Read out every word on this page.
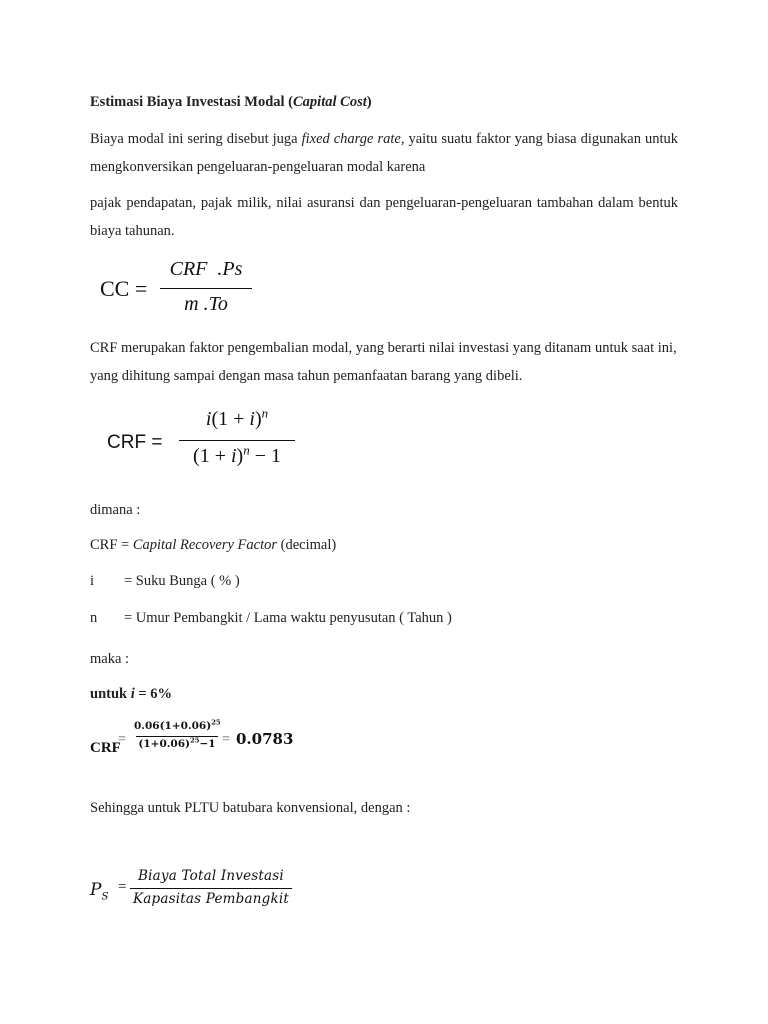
Estimasi Biaya Investasi Modal (Capital Cost)
Biaya modal ini sering disebut juga fixed charge rate, yaitu suatu faktor yang biasa digunakan untuk mengkonversikan pengeluaran-pengeluaran modal karena
pajak pendapatan, pajak milik, nilai asuransi dan pengeluaran-pengeluaran tambahan dalam bentuk biaya tahunan.
CC =
CRF  .Ps
m .To
CRF merupakan faktor pengembalian modal, yang berarti nilai investasi yang ditanam untuk saat ini, yang dihitung sampai dengan masa tahun pemanfaatan barang yang dibeli.
CRF =
$i(1 + i)^n$
$(1 + i)^n - 1$
dimana :
CRF = Capital Recovery Factor (decimal)
i = Suku Bunga ( % )
n = Umur Pembangkit / Lama waktu penyusutan ( Tahun )
maka :
untuk i = 6%
CRF
=
$0.06(1+0.06)^{25}$
$(1+0.06)^{25}-1 = 0.0783$
Sehingga untuk PLTU batubara konvensional, dengan :
$P_S$
=
Biaya Total Investasi
Kapasitas Pembangkit
